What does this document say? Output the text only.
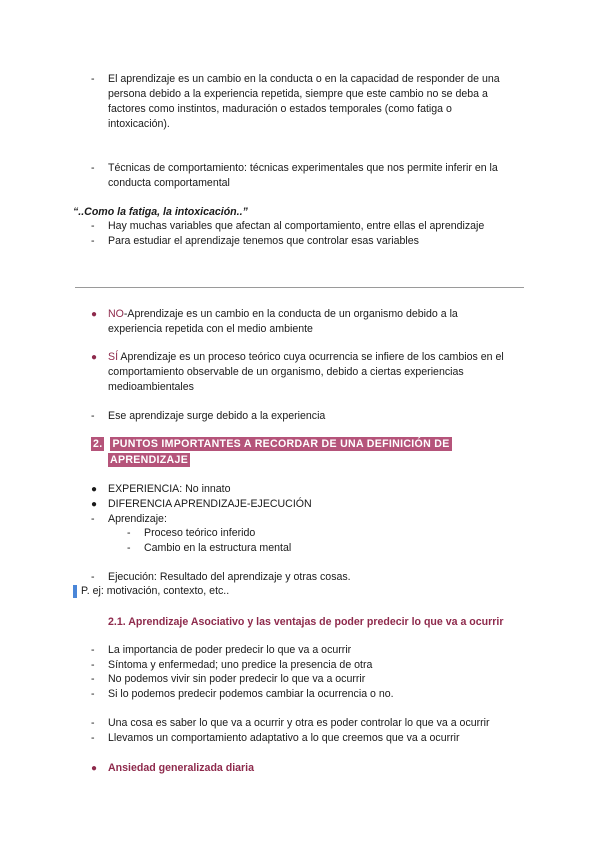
-	El aprendizaje es un cambio en la conducta o en la capacidad de responder de una
persona debido a la experiencia repetida, siempre que este cambio no se deba a
factores como instintos, maduración o estados temporales (como fatiga o
intoxicación).
-	Técnicas de comportamiento: técnicas experimentales que nos permite inferir en la
conducta comportamental
“..Como la fatiga, la intoxicación..”
-	Hay muchas variables que afectan al comportamiento, entre ellas el aprendizaje
-	Para estudiar el aprendizaje tenemos que controlar esas variables
● NO-Aprendizaje es un cambio en la conducta de un organismo debido a la
experiencia repetida con el medio ambiente
● SÍ Aprendizaje es un proceso teórico cuya ocurrencia se infiere de los cambios en el
comportamiento observable de un organismo, debido a ciertas experiencias
medioambientales
-	Ese aprendizaje surge debido a la experiencia
2. PUNTOS IMPORTANTES A RECORDAR DE UNA DEFINICIÓN DE
APRENDIZAJE
● EXPERIENCIA: No innato
● DIFERENCIA APRENDIZAJE-EJECUCIÓN
-	Aprendizaje:
-	Proceso teórico inferido
-	Cambio en la estructura mental
-	Ejecución: Resultado del aprendizaje y otras cosas.
P. ej: motivación, contexto, etc..
2.1. Aprendizaje Asociativo y las ventajas de poder predecir lo que va a ocurrir
-	La importancia de poder predecir lo que va a ocurrir
-	Síntoma y enfermedad; uno predice la presencia de otra
-	No podemos vivir sin poder predecir lo que va a ocurrir
-	Si lo podemos predecir podemos cambiar la ocurrencia o no.
-	Una cosa es saber lo que va a ocurrir y otra es poder controlar lo que va a ocurrir
-	Llevamos un comportamiento adaptativo a lo que creemos que va a ocurrir
● Ansiedad generalizada diaria
